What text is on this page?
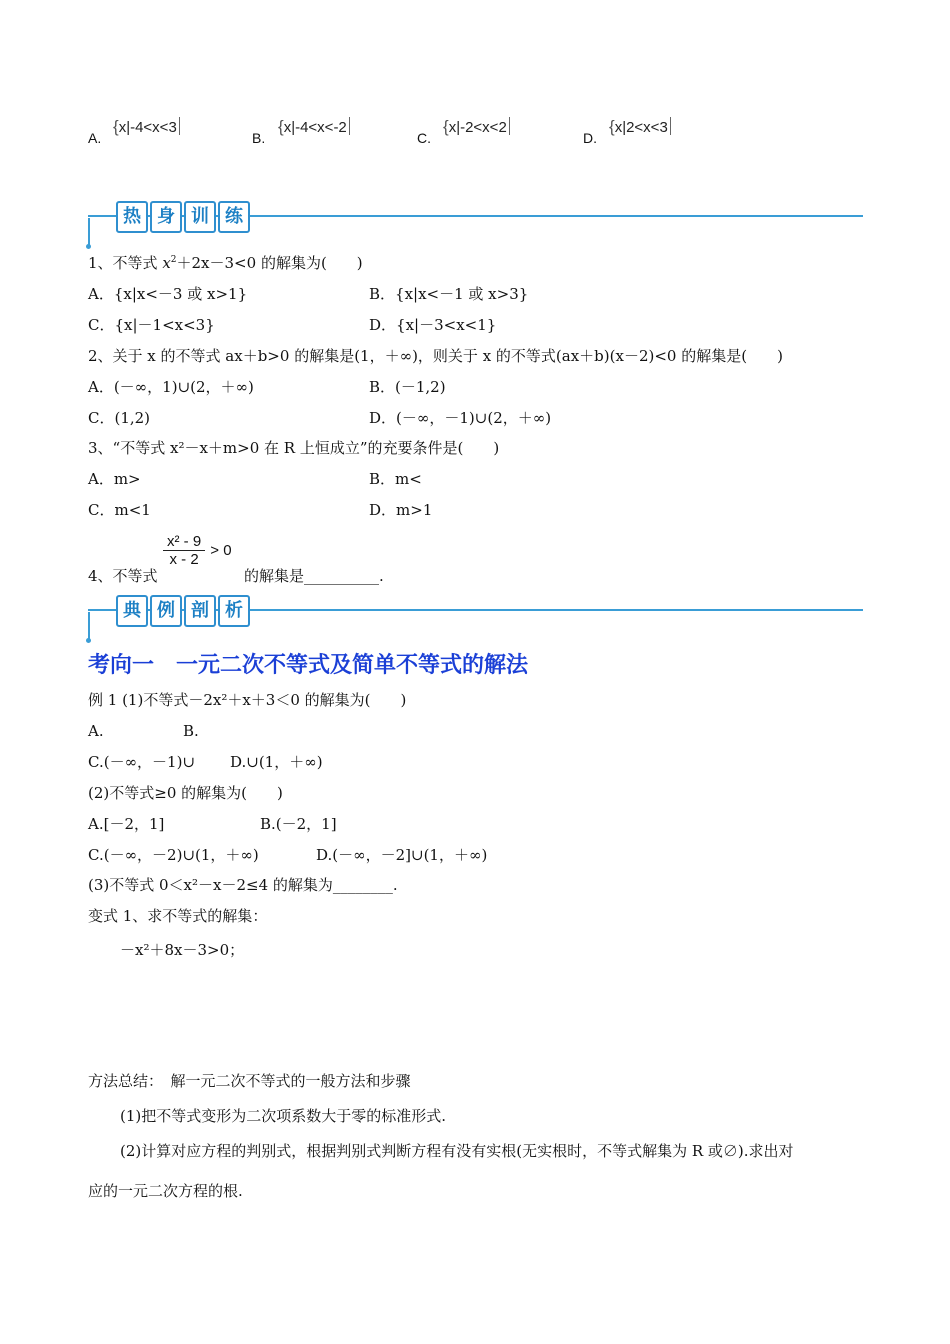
A.
{x|-4<x<3
B.
{x|-4<x<-2
C.
{x|-2<x<2
D.
{x|2<x<3
热 身 训 练
1、不等式 $x^2+2x-3<0$ 的解集为(　　)
A．{x|x<－3 或 x>1}	B．{x|x<－1 或 x>3}
C．{x|－1<x<3}	D．{x|－3<x<1}
2、关于 x 的不等式 ax＋b>0 的解集是(1，＋∞)，则关于 x 的不等式(ax＋b)(x－2)<0 的解集是(　　)
A．(－∞，1)∪(2，＋∞)	B．(－1,2)
C．(1,2)	D．(－∞，－1)∪(2，＋∞)
3、“不等式 x²－x＋m>0 在 R 上恒成立”的充要条件是(　　)
A．m>	B．m<
C．m<1	D．m>1
4、不等式
$\frac{\text{x² - 9}}{x - 2} > 0$
的解集是__________.
典 例 剖 析
考向一　一元二次不等式及简单不等式的解法
例 1 (1)不等式－2x²＋x＋3＜0 的解集为(　　)
A.	B.
C.(－∞，－1)∪ D.∪(1，＋∞)
(2)不等式≥0 的解集为(　　)
A.[－2，1]	B.(－2，1]
C.(－∞，－2)∪(1，＋∞)	D.(－∞，－2]∪(1，＋∞)
(3)不等式 0＜x²－x－2≤4 的解集为________.
变式 1、求不等式的解集：
－x²＋8x－3>0；
方法总结：　解一元二次不等式的一般方法和步骤
(1)把不等式变形为二次项系数大于零的标准形式.
(2)计算对应方程的判别式，根据判别式判断方程有没有实根(无实根时，不等式解集为 R 或∅).求出对
应的一元二次方程的根.
